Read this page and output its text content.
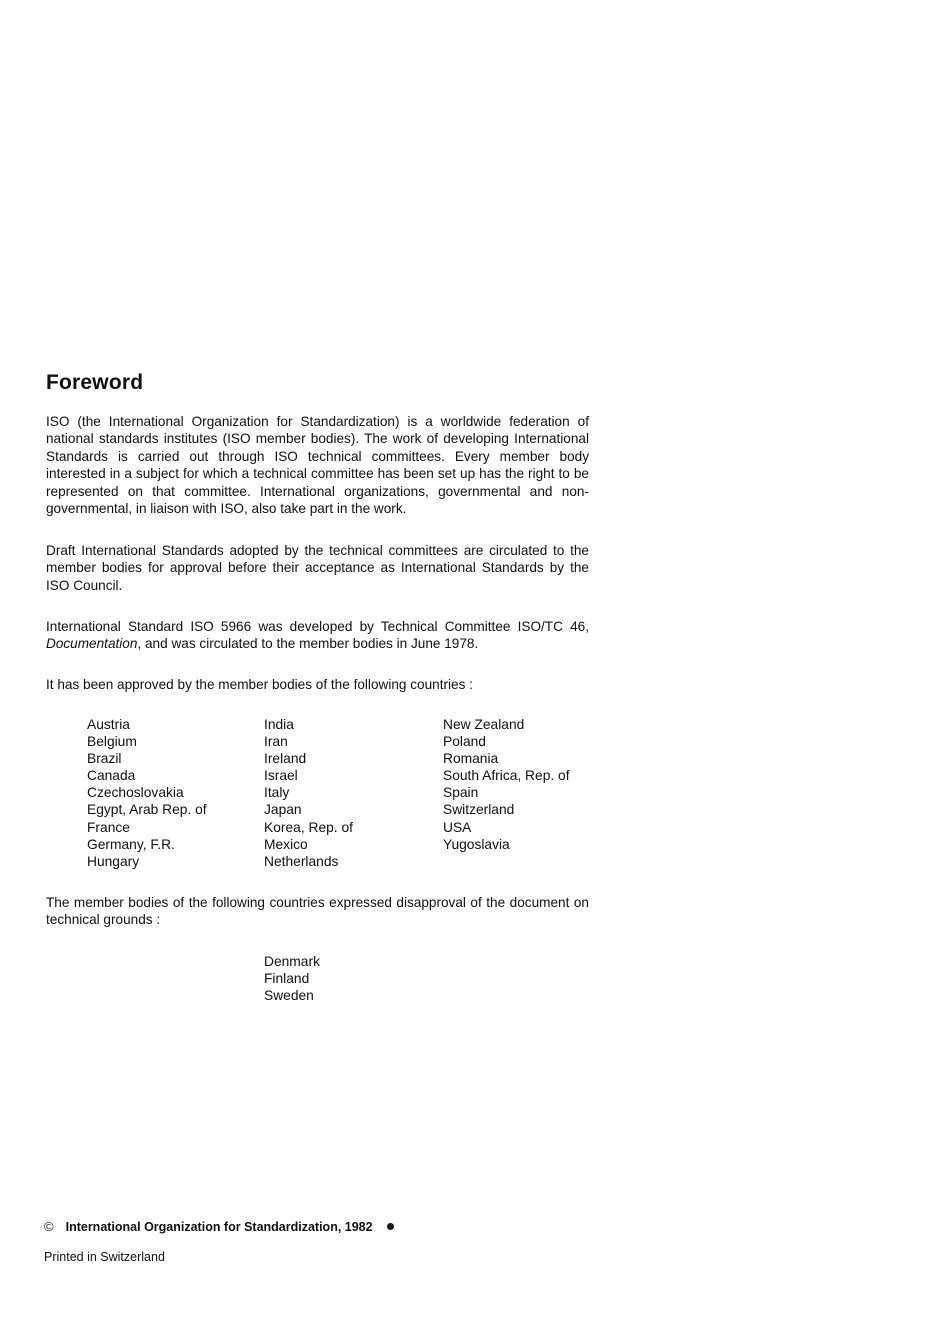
Foreword

ISO (the International Organization for Standardization) is a worldwide federation of national standards institutes (ISO member bodies). The work of developing International Standards is carried out through ISO technical committees. Every member body interested in a subject for which a technical committee has been set up has the right to be represented on that committee. International organizations, governmental and non-governmental, in liaison with ISO, also take part in the work.

Draft International Standards adopted by the technical committees are circulated to the member bodies for approval before their acceptance as International Standards by the ISO Council.

International Standard ISO 5966 was developed by Technical Committee ISO/TC 46, Documentation, and was circulated to the member bodies in June 1978.

It has been approved by the member bodies of the following countries :

Austria
Belgium
Brazil
Canada
Czechoslovakia
Egypt, Arab Rep. of
France
Germany, F.R.
Hungary
India
Iran
Ireland
Israel
Italy
Japan
Korea, Rep. of
Mexico
Netherlands
New Zealand
Poland
Romania
South Africa, Rep. of
Spain
Switzerland
USA
Yugoslavia

The member bodies of the following countries expressed disapproval of the document on technical grounds :

Denmark
Finland
Sweden
© International Organization for Standardization, 1982
Printed in Switzerland
